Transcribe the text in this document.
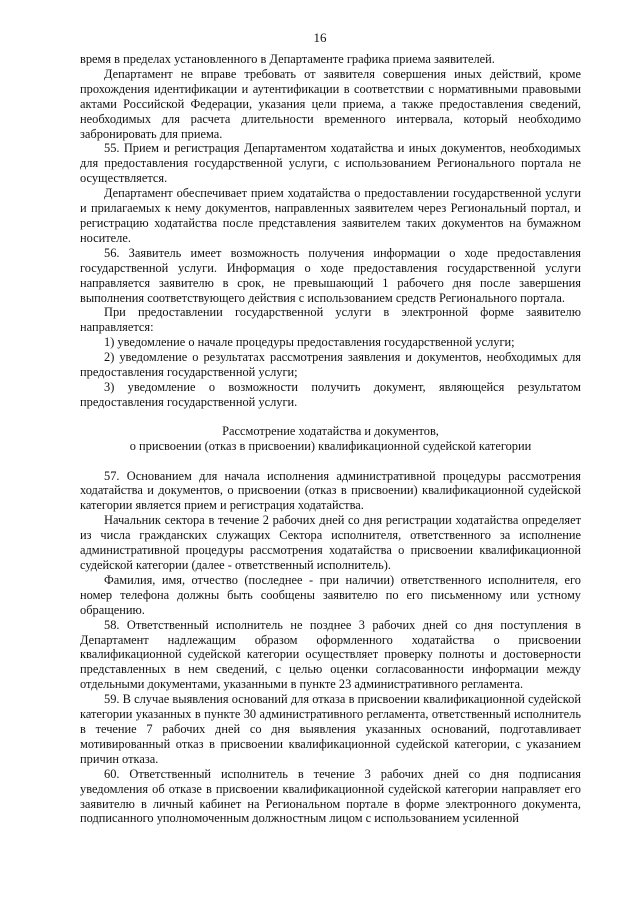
16

время в пределах установленного в Департаменте графика приема заявителей.

Департамент не вправе требовать от заявителя совершения иных действий, кроме прохождения идентификации и аутентификации в соответствии с нормативными правовыми актами Российской Федерации, указания цели приема, а также предоставления сведений, необходимых для расчета длительности временного интервала, который необходимо забронировать для приема.

55. Прием и регистрация Департаментом ходатайства и иных документов, необходимых для предоставления государственной услуги, с использованием Регионального портала не осуществляется.

Департамент обеспечивает прием ходатайства о предоставлении государственной услуги и прилагаемых к нему документов, направленных заявителем через Региональный портал, и регистрацию ходатайства после представления заявителем таких документов на бумажном носителе.

56. Заявитель имеет возможность получения информации о ходе предоставления государственной услуги. Информация о ходе предоставления государственной услуги направляется заявителю в срок, не превышающий 1 рабочего дня после завершения выполнения соответствующего действия с использованием средств Регионального портала.

При предоставлении государственной услуги в электронной форме заявителю направляется:

1) уведомление о начале процедуры предоставления государственной услуги;

2) уведомление о результатах рассмотрения заявления и документов, необходимых для предоставления государственной услуги;

3) уведомление о возможности получить документ, являющейся результатом предоставления государственной услуги.

Рассмотрение ходатайства и документов,

о присвоении (отказ в присвоении) квалификационной судейской категории

57. Основанием для начала исполнения административной процедуры рассмотрения ходатайства и документов, о присвоении (отказ в присвоении) квалификационной судейской категории является прием и регистрация ходатайства.

Начальник сектора в течение 2 рабочих дней со дня регистрации ходатайства определяет из числа гражданских служащих Сектора исполнителя, ответственного за исполнение административной процедуры рассмотрения ходатайства о присвоении квалификационной судейской категории (далее - ответственный исполнитель).

Фамилия, имя, отчество (последнее - при наличии) ответственного исполнителя, его номер телефона должны быть сообщены заявителю по его письменному или устному обращению.

58. Ответственный исполнитель не позднее 3 рабочих дней со дня поступления в Департамент надлежащим образом оформленного ходатайства о присвоении квалификационной судейской категории осуществляет проверку полноты и достоверности представленных в нем сведений, с целью оценки согласованности информации между отдельными документами, указанными в пункте 23 административного регламента.

59. В случае выявления оснований для отказа в присвоении квалификационной судейской категории указанных в пункте 30 административного регламента, ответственный исполнитель в течение 7 рабочих дней со дня выявления указанных оснований, подготавливает мотивированный отказ в присвоении квалификационной судейской категории, с указанием причин отказа.

60. Ответственный исполнитель в течение 3 рабочих дней со дня подписания уведомления об отказе в присвоении квалификационной судейской категории направляет его заявителю в личный кабинет на Региональном портале в форме электронного документа, подписанного уполномоченным должностным лицом с использованием усиленной
